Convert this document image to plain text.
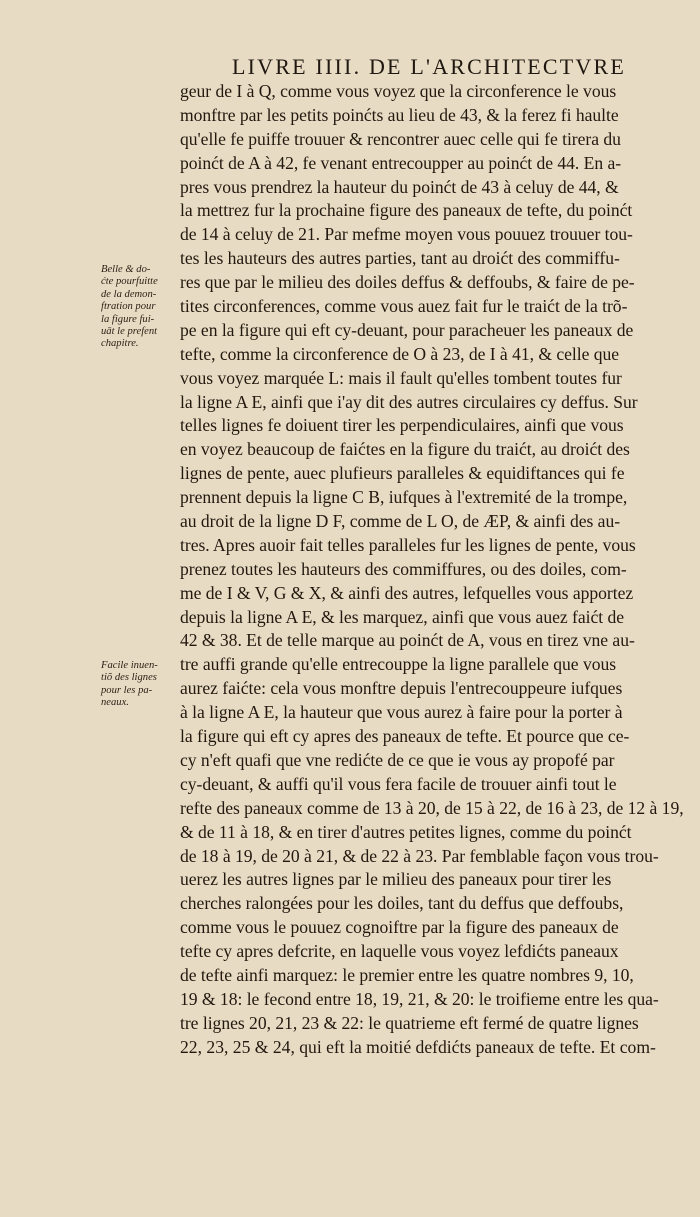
LIVRE IIII. DE L'ARCHITECTVRE
geur de I à Q, comme vous voyez que la circonference le vous
monftre par les petits poinćts au lieu de 43, & la ferez fi haulte
qu'elle fe puiffe trouuer & rencontrer auec celle qui fe tirera du
poinćt de A à 42, fe venant entrecoupper au poinćt de 44. En a-
pres vous prendrez la hauteur du poinćt de 43 à celuy de 44, &
la mettrez fur la prochaine figure des paneaux de tefte, du poinćt
de 14 à celuy de 21. Par mefme moyen vous pouuez trouuer tou-
tes les hauteurs des autres parties, tant au droićt des commiffu-
res que par le milieu des doiles deffus & deffoubs, & faire de pe-
tites circonferences, comme vous auez fait fur le traićt de la trõ-
pe en la figure qui eft cy-deuant, pour paracheuer les paneaux de
tefte, comme la circonference de O à 23, de I à 41, & celle que
vous voyez marquée L: mais il fault qu'elles tombent toutes fur
la ligne A E, ainfi que i'ay dit des autres circulaires cy deffus. Sur
telles lignes fe doiuent tirer les perpendiculaires, ainfi que vous
en voyez beaucoup de faićtes en la figure du traićt, au droićt des
lignes de pente, auec plufieurs paralleles & equidiftances qui fe
prennent depuis la ligne C B, iufques à l'extremité de la trompe,
au droit de la ligne D F, comme de L O, de ÆP, & ainfi des au-
tres. Apres auoir fait telles paralleles fur les lignes de pente, vous
prenez toutes les hauteurs des commiffures, ou des doiles, com-
me de I & V, G & X, & ainfi des autres, lefquelles vous apportez
depuis la ligne A E, & les marquez, ainfi que vous auez faićt de
42 & 38. Et de telle marque au poinćt de A, vous en tirez vne au-
tre auffi grande qu'elle entrecouppe la ligne parallele que vous
aurez faićte: cela vous monftre depuis l'entrecouppeure iufques
à la ligne A E, la hauteur que vous aurez à faire pour la porter à
la figure qui eft cy apres des paneaux de tefte. Et pource que ce-
cy n'eft quafi que vne redićte de ce que ie vous ay propofé par
cy-deuant, & auffi qu'il vous fera facile de trouuer ainfi tout le
refte des paneaux comme de 13 à 20, de 15 à 22, de 16 à 23, de 12 à 19,
& de 11 à 18, & en tirer d'autres petites lignes, comme du poinćt
de 18 à 19, de 20 à 21, & de 22 à 23. Par femblable façon vous trou-
uerez les autres lignes par le milieu des paneaux pour tirer les
cherches ralongées pour les doiles, tant du deffus que deffoubs,
comme vous le pouuez cognoiftre par la figure des paneaux de
tefte cy apres defcrite, en laquelle vous voyez lefdićts paneaux
de tefte ainfi marquez: le premier entre les quatre nombres 9, 10,
19 & 18: le fecond entre 18, 19, 21, & 20: le troifieme entre les qua-
tre lignes 20, 21, 23 & 22: le quatrieme eft fermé de quatre lignes
22, 23, 25 & 24, qui eft la moitié defdićts paneaux de tefte. Et com-
Belle & do-
ćte pourfuitte
de la demon-
ftration pour
la figure fui-
uāt le prefent
chapitre.
Facile inuen-
tiõ des lignes
pour les pa-
neaux.
